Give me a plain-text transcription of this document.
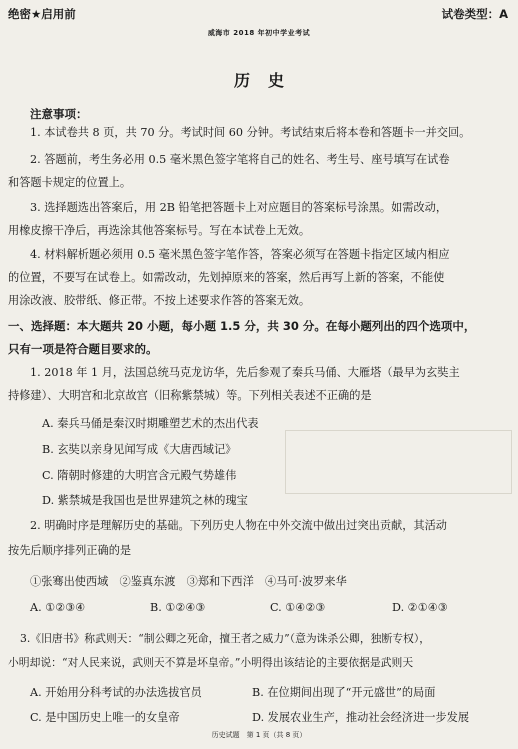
绝密★启用前	试卷类型：A
威海市 2018 年初中学业考试
历史
注意事项：
1. 本试卷共 8 页，共 70 分。考试时间 60 分钟。考试结束后将本卷和答题卡一并交回。
2. 答题前，考生务必用 0.5 毫米黑色签字笔将自己的姓名、考生号、座号填写在试卷
和答题卡规定的位置上。
3. 选择题选出答案后，用 2B 铅笔把答题卡上对应题目的答案标号涂黑。如需改动，
用橡皮擦干净后，再选涂其他答案标号。写在本试卷上无效。
4. 材料解析题必须用 0.5 毫米黑色签字笔作答，答案必须写在答题卡指定区域内相应
的位置，不要写在试卷上。如需改动，先划掉原来的答案，然后再写上新的答案，不能使
用涂改液、胶带纸、修正带。不按上述要求作答的答案无效。
一、选择题：本大题共 20 小题，每小题 1.5 分，共 30 分。在每小题列出的四个选项中，
只有一项是符合题目要求的。
1. 2018 年 1 月，法国总统马克龙访华，先后参观了秦兵马俑、大雁塔（最早为玄奘主
持修建）、大明宫和北京故宫（旧称紫禁城）等。下列相关表述不正确的是
A. 秦兵马俑是秦汉时期雕塑艺术的杰出代表
B. 玄奘以亲身见闻写成《大唐西域记》
C. 隋朝时修建的大明宫含元殿气势雄伟
D. 紫禁城是我国也是世界建筑之林的瑰宝
2. 明确时序是理解历史的基础。下列历史人物在中外交流中做出过突出贡献，其活动
按先后顺序排列正确的是
①张骞出使西域　②鉴真东渡　③郑和下西洋　④马可·波罗来华
A. ①②③④	B. ①②④③	C. ①④②③	D. ②①④③
3.《旧唐书》称武则天：“制公卿之死命，擅王者之威力”（意为诛杀公卿，独断专权），
小明却说：“对人民来说，武则天不算是坏皇帝。”小明得出该结论的主要依据是武则天
A. 开始用分科考试的办法选拔官员	B. 在位期间出现了“开元盛世”的局面
C. 是中国历史上唯一的女皇帝	D. 发展农业生产，推动社会经济进一步发展
历史试题　第 1 页（共 8 页）
